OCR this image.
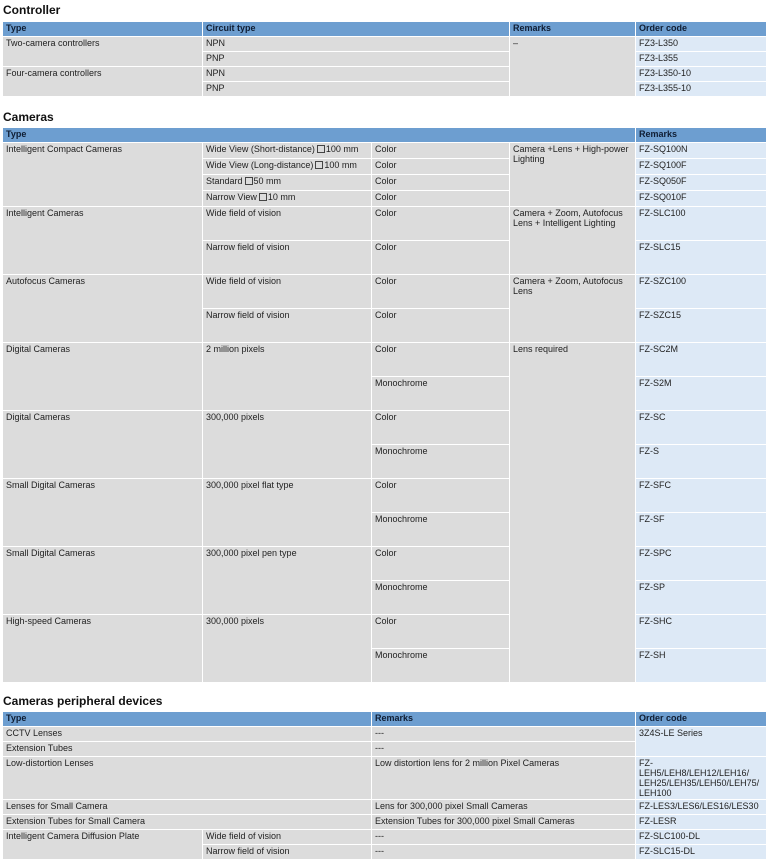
Controller
Type	Circuit type	Remarks	Order code
Two-camera controllers	NPN	–	FZ3-L350
	PNP		FZ3-L355
Four-camera controllers	NPN		FZ3-L350-10
	PNP		FZ3-L355-10
Cameras
Type	Remarks	
Intelligent Compact Cameras	Wide View (Short-distance) 100 mm	Color	Camera +Lens + High-power Lighting	FZ-SQ100N
	Wide View (Long-distance) 100 mm	Color		FZ-SQ100F
	Standard 50 mm	Color		FZ-SQ050F
	Narrow View 10 mm	Color		FZ-SQ010F
Intelligent Cameras	Wide field of vision	Color	Camera + Zoom, Autofocus Lens + Intelligent Lighting	FZ-SLC100
	Narrow field of vision	Color		FZ-SLC15
Autofocus Cameras	Wide field of vision	Color	Camera + Zoom, Autofocus Lens	FZ-SZC100
	Narrow field of vision	Color		FZ-SZC15
Digital Cameras	2 million pixels	Color	Lens required	FZ-SC2M
		Monochrome		FZ-S2M
Digital Cameras	300,000 pixels	Color		FZ-SC
		Monochrome		FZ-S
Small Digital Cameras	300,000 pixel flat type	Color		FZ-SFC
		Monochrome		FZ-SF
Small Digital Cameras	300,000 pixel pen type	Color		FZ-SPC
		Monochrome		FZ-SP
High-speed Cameras	300,000 pixels	Color		FZ-SHC
		Monochrome		FZ-SH
Cameras peripheral devices
Type		Remarks	Order code
CCTV Lenses		---	3Z4S-LE Series
Extension Tubes		---	
Low-distortion Lenses		Low distortion lens for 2 million Pixel Cameras	FZ-LEH5/LEH8/LEH12/LEH16/ LEH25/LEH35/LEH50/LEH75/ LEH100
Lenses for Small Camera		Lens for 300,000 pixel Small Cameras	FZ-LES3/LES6/LES16/LES30
Extension Tubes for Small Camera		Extension Tubes for 300,000 pixel Small Cameras	FZ-LESR
Intelligent Camera Diffusion Plate	Wide field of vision	---	FZ-SLC100-DL
	Narrow field of vision	---	FZ-SLC15-DL
